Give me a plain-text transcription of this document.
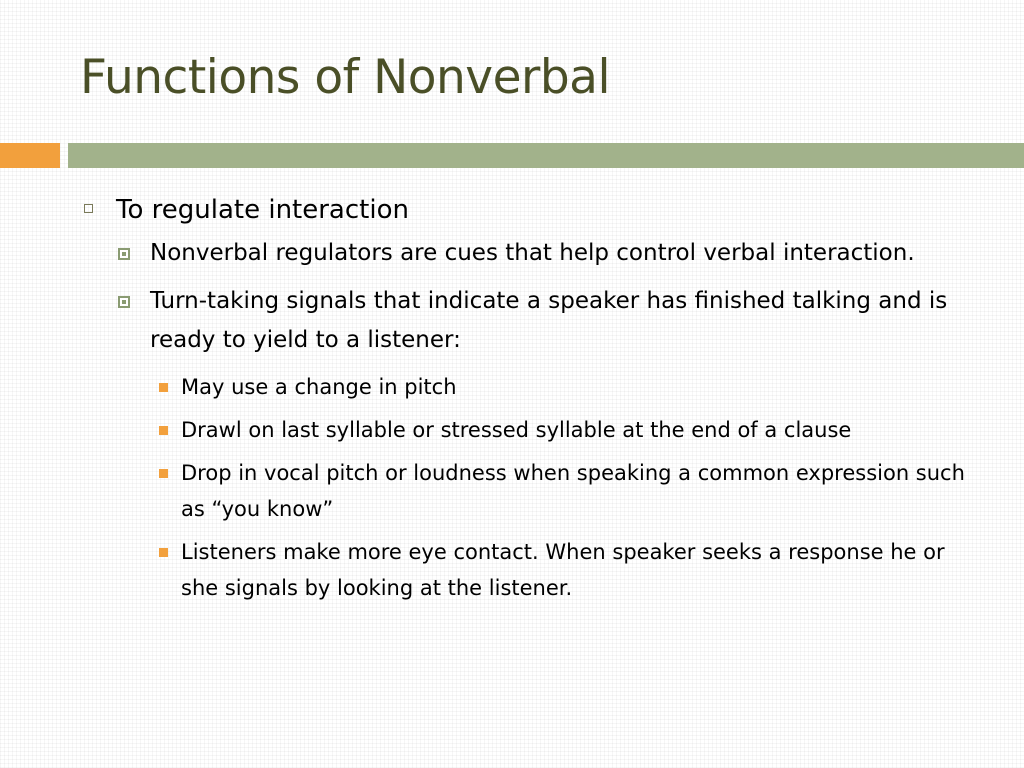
Functions of Nonverbal
To regulate interaction
Nonverbal regulators are cues that help control verbal interaction.
Turn-taking signals that indicate a speaker has finished talking and is ready to yield to a listener:
May use a change in pitch
Drawl on last syllable or stressed syllable at the end of a clause
Drop in vocal pitch or loudness when speaking a common expression such as “you know”
Listeners make more eye contact. When speaker seeks a response he or she signals by looking at the listener.
